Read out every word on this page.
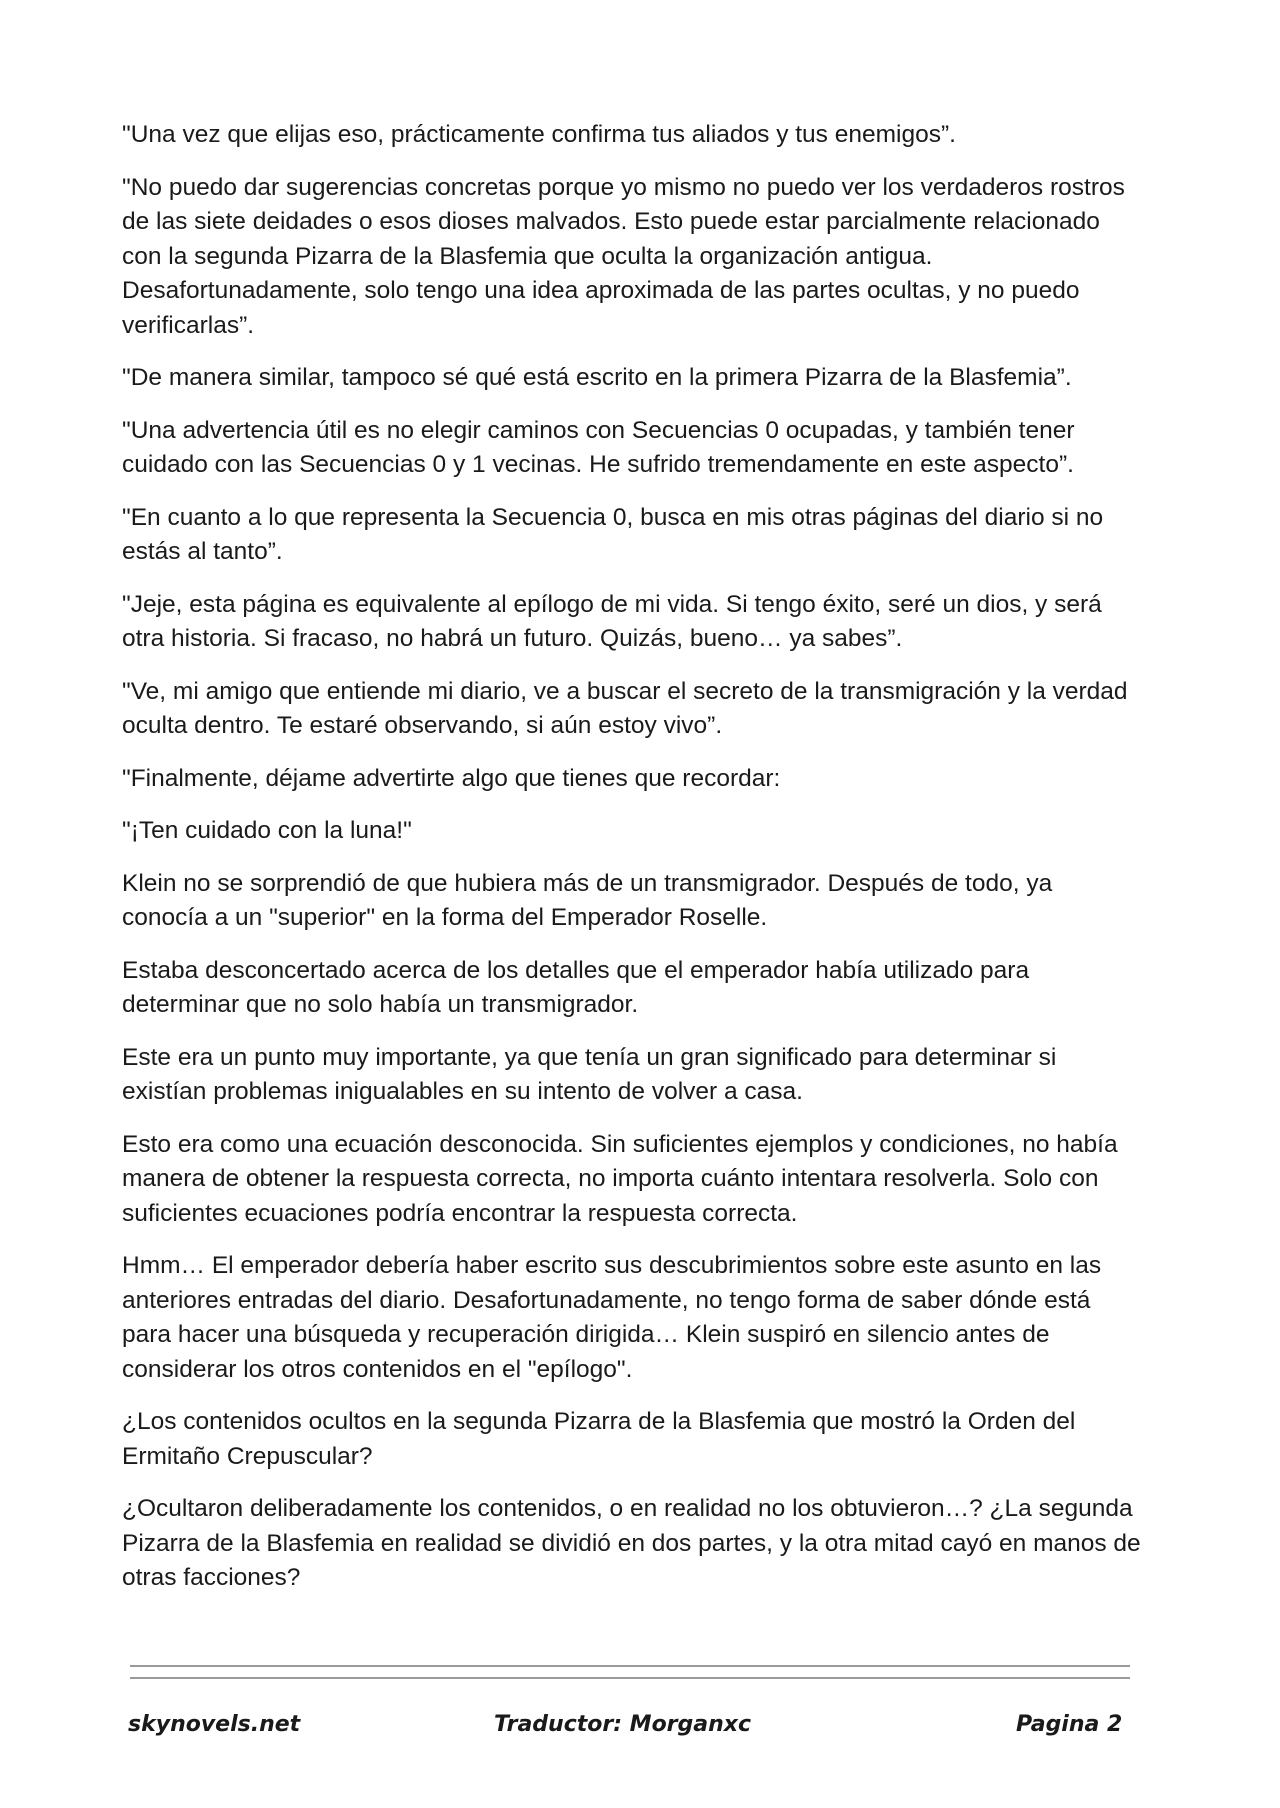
"Una vez que elijas eso, prácticamente confirma tus aliados y tus enemigos”.

"No puedo dar sugerencias concretas porque yo mismo no puedo ver los verdaderos rostros de las siete deidades o esos dioses malvados. Esto puede estar parcialmente relacionado con la segunda Pizarra de la Blasfemia que oculta la organización antigua. Desafortunadamente, solo tengo una idea aproximada de las partes ocultas, y no puedo verificarlas”.

"De manera similar, tampoco sé qué está escrito en la primera Pizarra de la Blasfemia”.

"Una advertencia útil es no elegir caminos con Secuencias 0 ocupadas, y también tener cuidado con las Secuencias 0 y 1 vecinas. He sufrido tremendamente en este aspecto”.

"En cuanto a lo que representa la Secuencia 0, busca en mis otras páginas del diario si no estás al tanto”.

"Jeje, esta página es equivalente al epílogo de mi vida. Si tengo éxito, seré un dios, y será otra historia. Si fracaso, no habrá un futuro. Quizás, bueno… ya sabes”.

"Ve, mi amigo que entiende mi diario, ve a buscar el secreto de la transmigración y la verdad oculta dentro. Te estaré observando, si aún estoy vivo”.

"Finalmente, déjame advertirte algo que tienes que recordar:

"¡Ten cuidado con la luna!"

Klein no se sorprendió de que hubiera más de un transmigrador. Después de todo, ya conocía a un "superior" en la forma del Emperador Roselle.

Estaba desconcertado acerca de los detalles que el emperador había utilizado para determinar que no solo había un transmigrador.

Este era un punto muy importante, ya que tenía un gran significado para determinar si existían problemas inigualables en su intento de volver a casa.

Esto era como una ecuación desconocida. Sin suficientes ejemplos y condiciones, no había manera de obtener la respuesta correcta, no importa cuánto intentara resolverla. Solo con suficientes ecuaciones podría encontrar la respuesta correcta.

Hmm… El emperador debería haber escrito sus descubrimientos sobre este asunto en las anteriores entradas del diario. Desafortunadamente, no tengo forma de saber dónde está para hacer una búsqueda y recuperación dirigida… Klein suspiró en silencio antes de considerar los otros contenidos en el "epílogo".

¿Los contenidos ocultos en la segunda Pizarra de la Blasfemia que mostró la Orden del Ermitaño Crepuscular?

¿Ocultaron deliberadamente los contenidos, o en realidad no los obtuvieron…? ¿La segunda Pizarra de la Blasfemia en realidad se dividió en dos partes, y la otra mitad cayó en manos de otras facciones?

skynovels.net	Traductor: Morganxc	Pagina 2
